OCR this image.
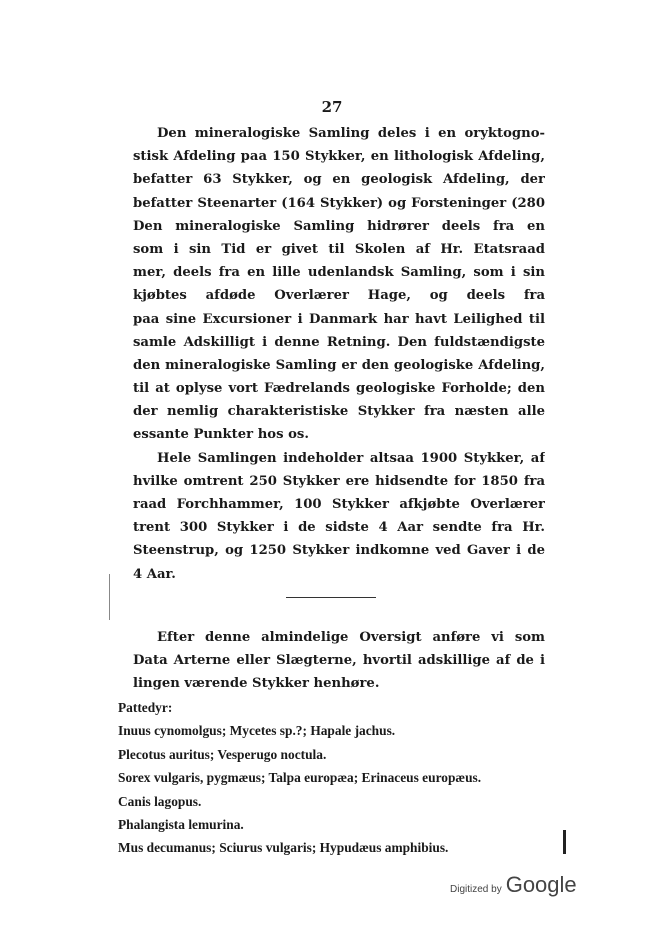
27
Den mineralogiske Samling deles i en oryktogno-
stisk Afdeling paa 150 Stykker, en lithologisk Afdeling,
befatter 63 Stykker, og en geologisk Afdeling, der
befatter Steenarter (164 Stykker) og Forsteninger (280
Den mineralogiske Samling hidrører deels fra en
som i sin Tid er givet til Skolen af Hr. Etatsraad
mer, deels fra en lille udenlandsk Samling, som i sin
kjøbtes afdøde Overlærer Hage, og deels fra
paa sine Excursioner i Danmark har havt Leilighed til
samle Adskilligt i denne Retning. Den fuldstændigste
den mineralogiske Samling er den geologiske Afdeling,
til at oplyse vort Fædrelands geologiske Forholde; den
der nemlig charakteristiske Stykker fra næsten alle
essante Punkter hos os.
Hele Samlingen indeholder altsaa 1900 Stykker, af
hvilke omtrent 250 Stykker ere hidsendte for 1850 fra
raad Forchhammer, 100 Stykker afkjøbte Overlærer
trent 300 Stykker i de sidste 4 Aar sendte fra Hr.
Steenstrup, og 1250 Stykker indkomne ved Gaver i de
4 Aar.
Efter denne almindelige Oversigt anføre vi som
Data Arterne eller Slægterne, hvortil adskillige af de i
lingen værende Stykker henhøre.
Pattedyr:
Inuus cynomolgus; Mycetes sp.?; Hapale jachus.
Plecotus auritus; Vesperugo noctula.
Sorex vulgaris, pygmæus; Talpa europæa; Erinaceus europæus.
Canis lagopus.
Phalangista lemurina.
Mus decumanus; Sciurus vulgaris; Hypudæus amphibius.
Digitized by Google
